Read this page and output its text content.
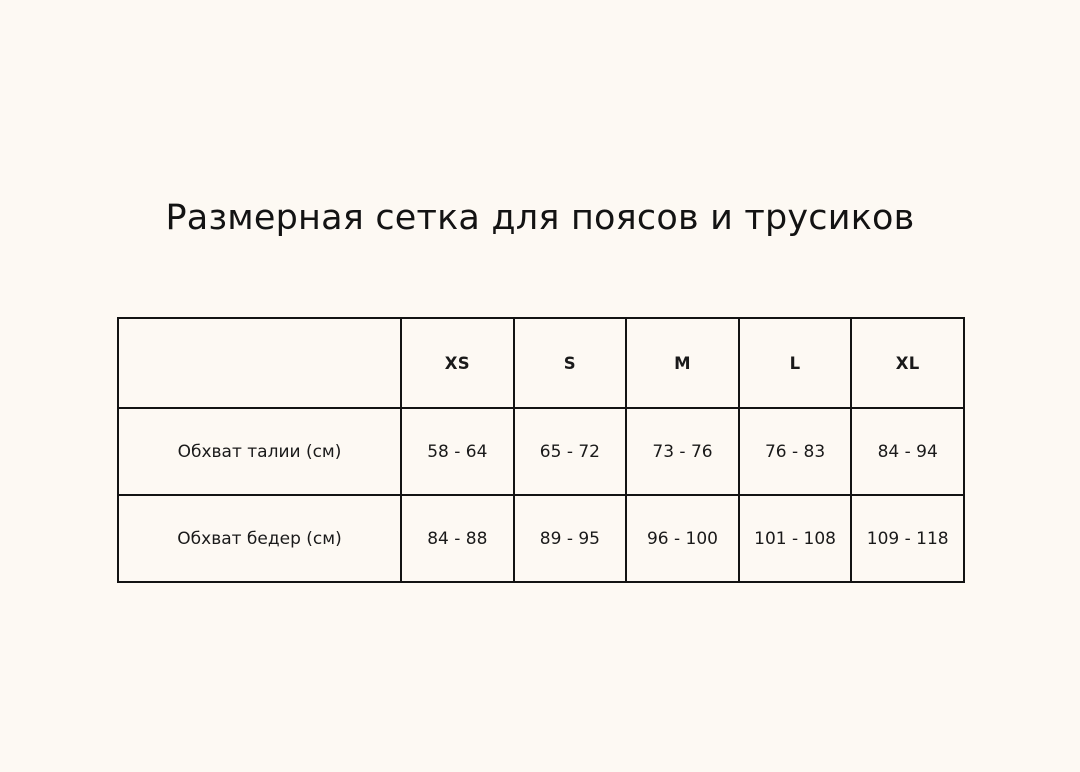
Размерная сетка для поясов и трусиков
	XS	S	M	L	XL
Обхват талии (см)	58 - 64	65 - 72	73 - 76	76 - 83	84 - 94
Обхват бедер (см)	84 - 88	89 - 95	96 - 100	101 - 108	109 - 118
